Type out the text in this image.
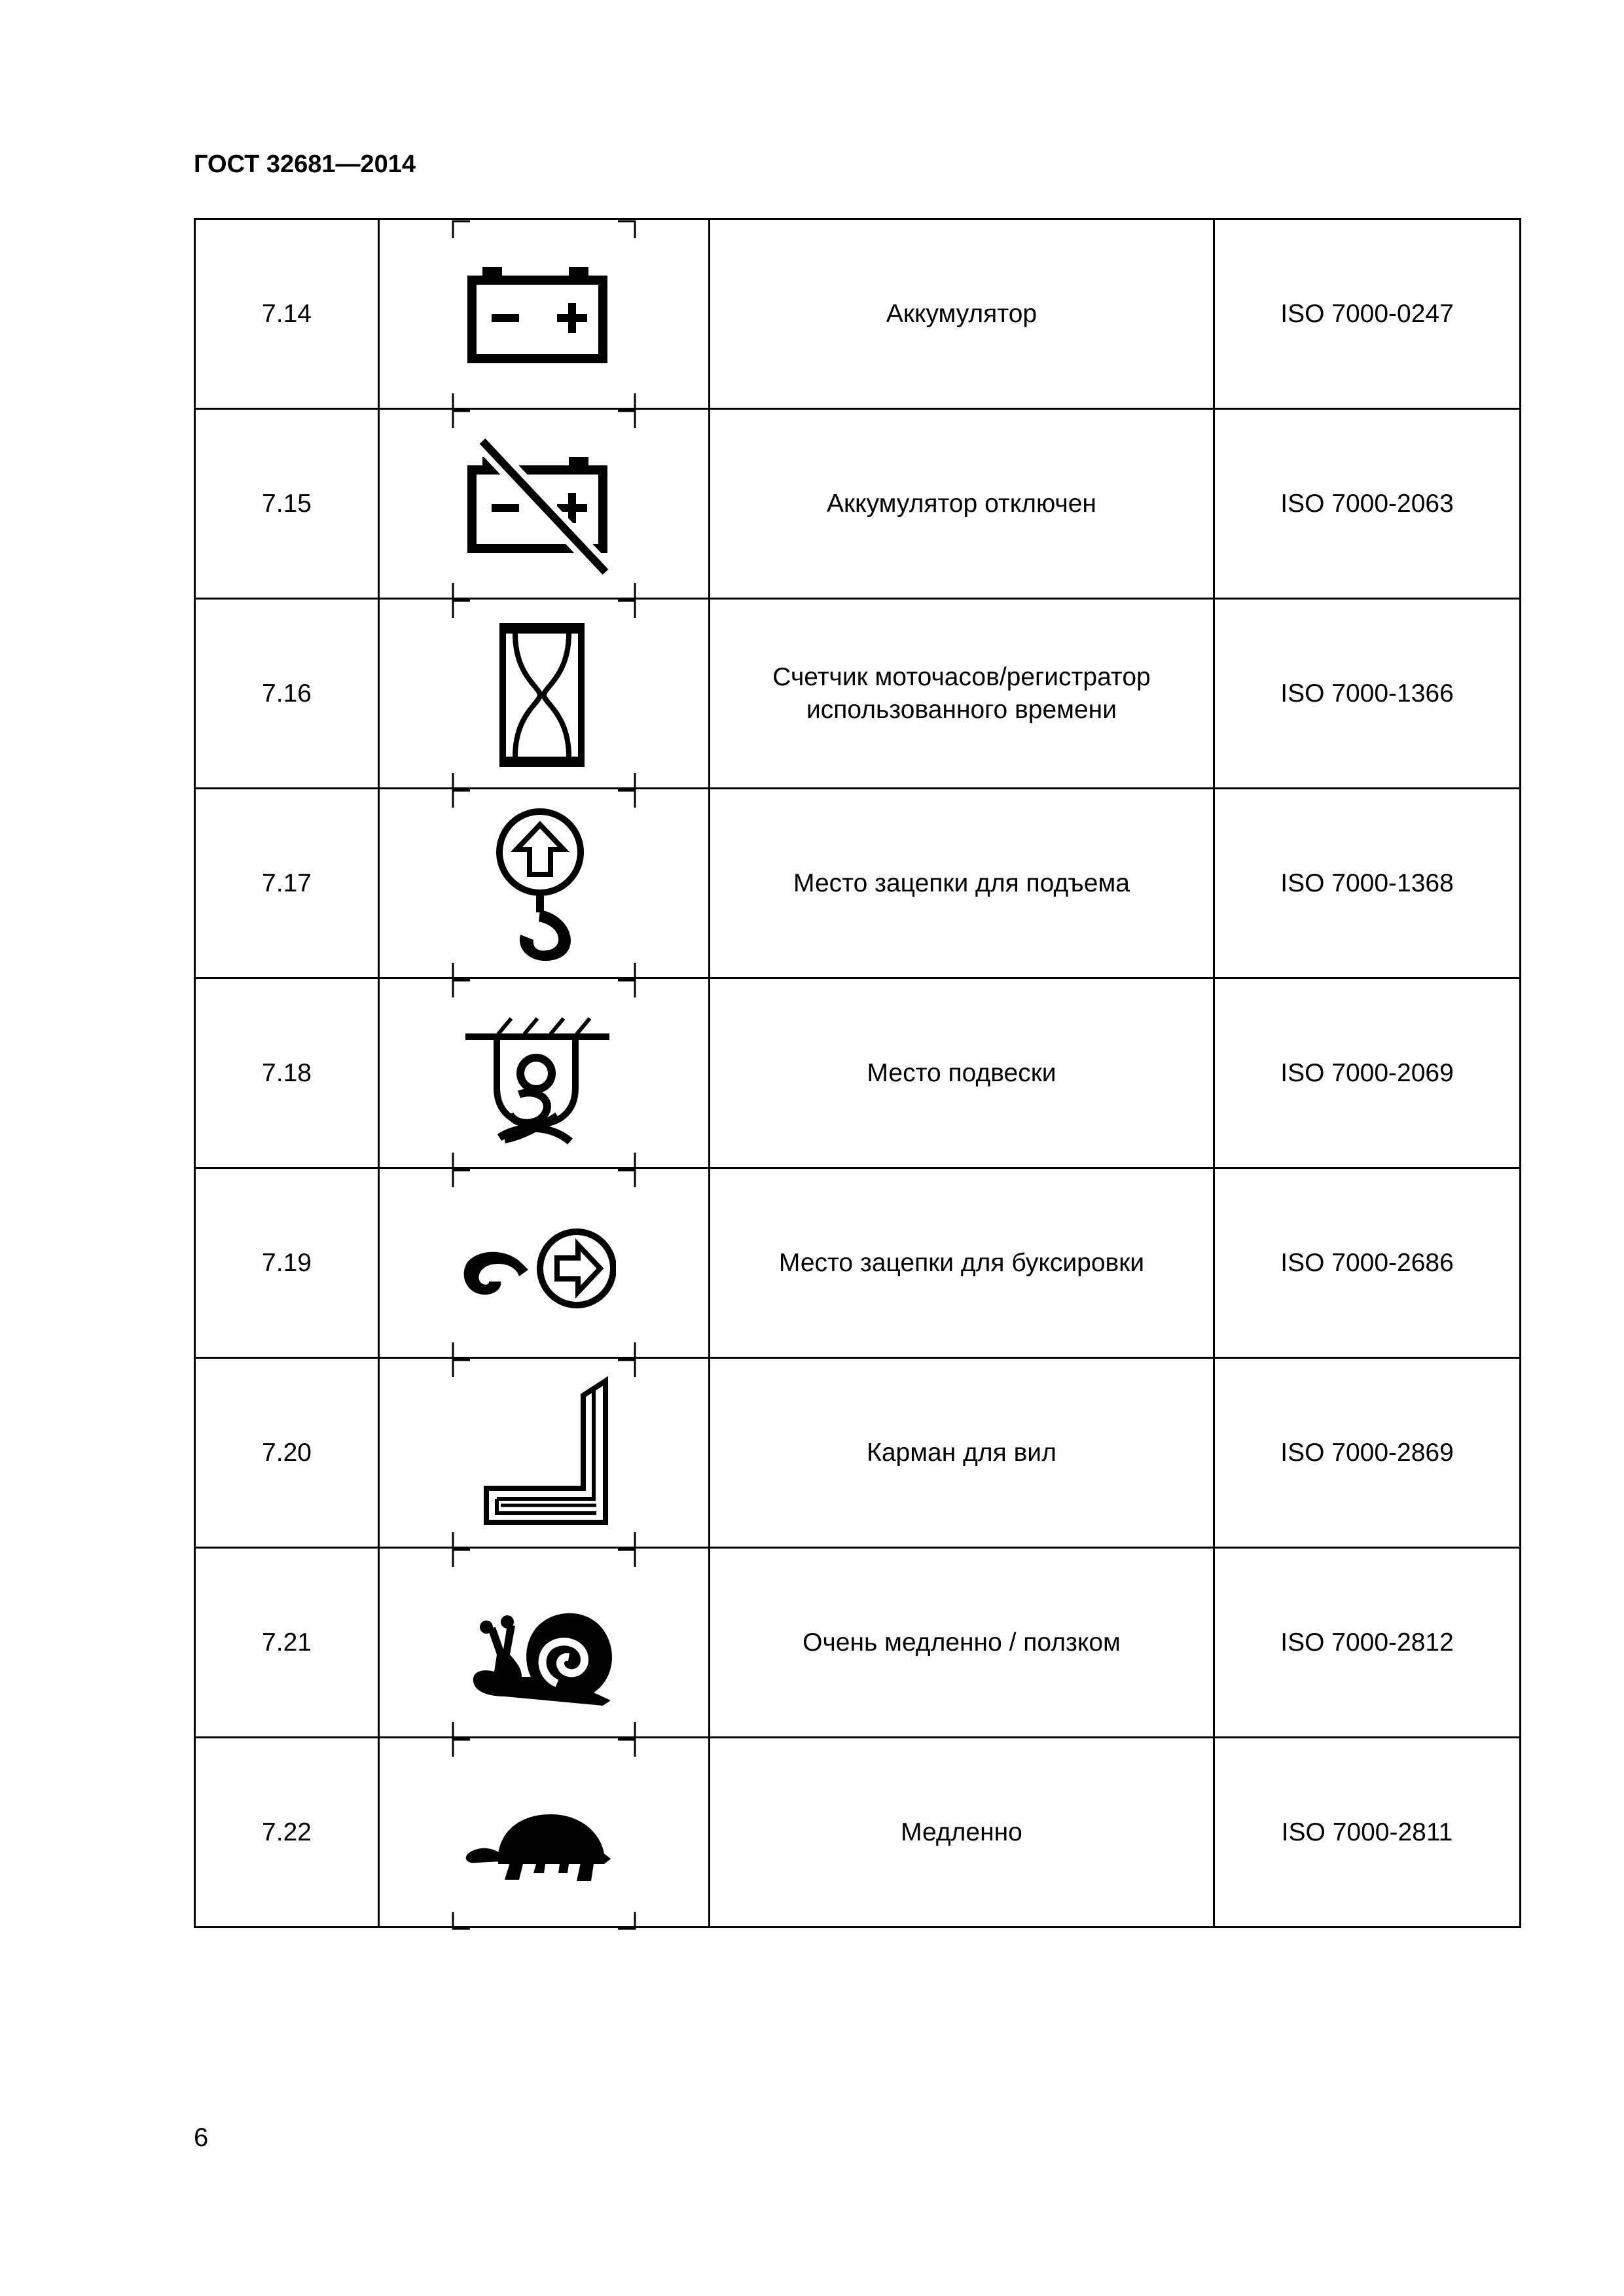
ГОСТ 32681—2014
7.14		Аккумулятор	ISO 7000-0247
7.15		Аккумулятор отключен	ISO 7000-2063
7.16		Счетчик моточасов/регистратор
использованного времени	ISO 7000-1366
7.17		Место зацепки для подъема	ISO 7000-1368
7.18		Место подвески	ISO 7000-2069
7.19		Место зацепки для буксировки	ISO 7000-2686
7.20		Карман для вил	ISO 7000-2869
7.21		Очень медленно / ползком	ISO 7000-2812
7.22		Медленно	ISO 7000-2811
6
